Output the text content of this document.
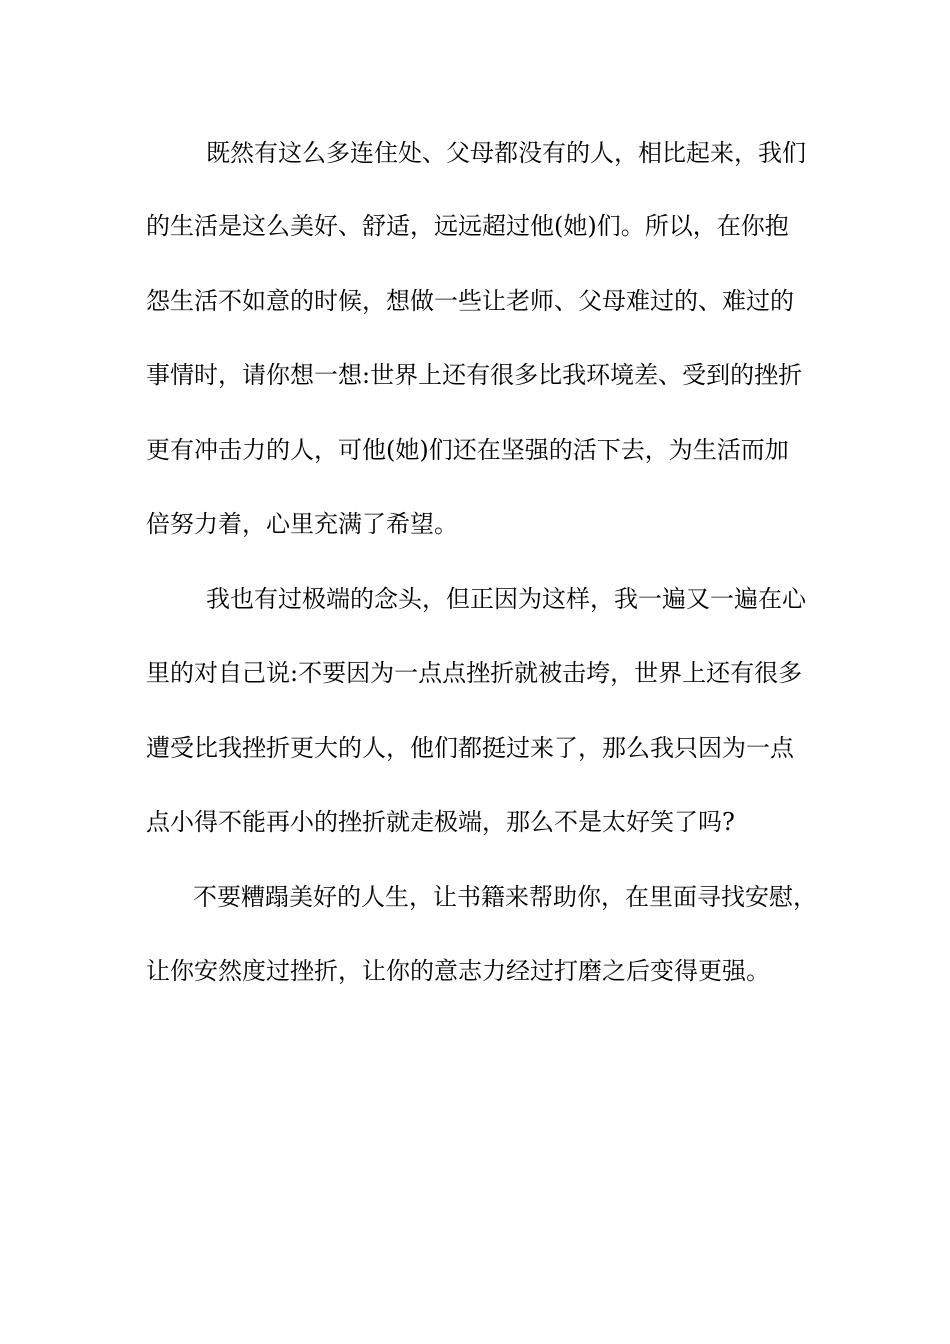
既然有这么多连住处、父母都没有的人，相比起来，我们
的生活是这么美好、舒适，远远超过他(她)们。所以，在你抱
怨生活不如意的时候，想做一些让老师、父母难过的、难过的
事情时，请你想一想:世界上还有很多比我环境差、受到的挫折
更有冲击力的人，可他(她)们还在坚强的活下去，为生活而加
倍努力着，心里充满了希望。
我也有过极端的念头，但正因为这样，我一遍又一遍在心
里的对自己说:不要因为一点点挫折就被击垮，世界上还有很多
遭受比我挫折更大的人，他们都挺过来了，那么我只因为一点
点小得不能再小的挫折就走极端，那么不是太好笑了吗?
不要糟蹋美好的人生，让书籍来帮助你，在里面寻找安慰，
让你安然度过挫折，让你的意志力经过打磨之后变得更强。
